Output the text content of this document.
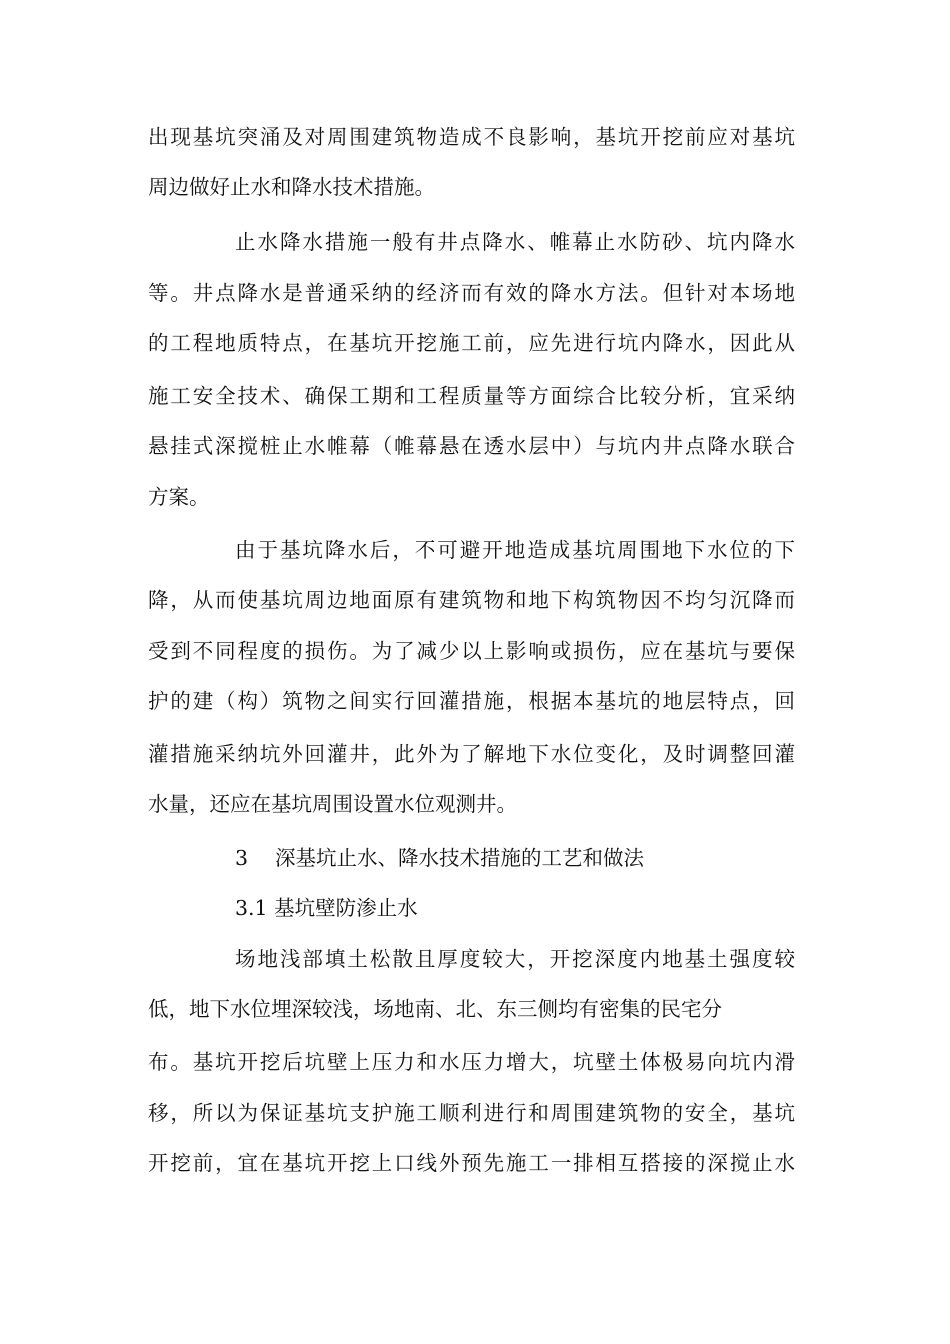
出现基坑突涌及对周围建筑物造成不良影响，基坑开挖前应对基坑

周边做好止水和降水技术措施。

止水降水措施一般有井点降水、帷幕止水防砂、坑内降水

等。井点降水是普通采纳的经济而有效的降水方法。但针对本场地

的工程地质特点，在基坑开挖施工前，应先进行坑内降水，因此从

施工安全技术、确保工期和工程质量等方面综合比较分析，宜采纳

悬挂式深搅桩止水帷幕（帷幕悬在透水层中）与坑内井点降水联合

方案。

由于基坑降水后，不可避开地造成基坑周围地下水位的下

降，从而使基坑周边地面原有建筑物和地下构筑物因不均匀沉降而

受到不同程度的损伤。为了减少以上影响或损伤，应在基坑与要保

护的建（构）筑物之间实行回灌措施，根据本基坑的地层特点，回

灌措施采纳坑外回灌井，此外为了解地下水位变化，及时调整回灌

水量，还应在基坑周围设置水位观测井。

3 深基坑止水、降水技术措施的工艺和做法

3.1 基坑壁防渗止水

场地浅部填土松散且厚度较大，开挖深度内地基土强度较

低，地下水位埋深较浅，场地南、北、东三侧均有密集的民宅分

布。基坑开挖后坑壁上压力和水压力增大，坑壁土体极易向坑内滑

移，所以为保证基坑支护施工顺利进行和周围建筑物的安全，基坑

开挖前，宜在基坑开挖上口线外预先施工一排相互搭接的深搅止水
